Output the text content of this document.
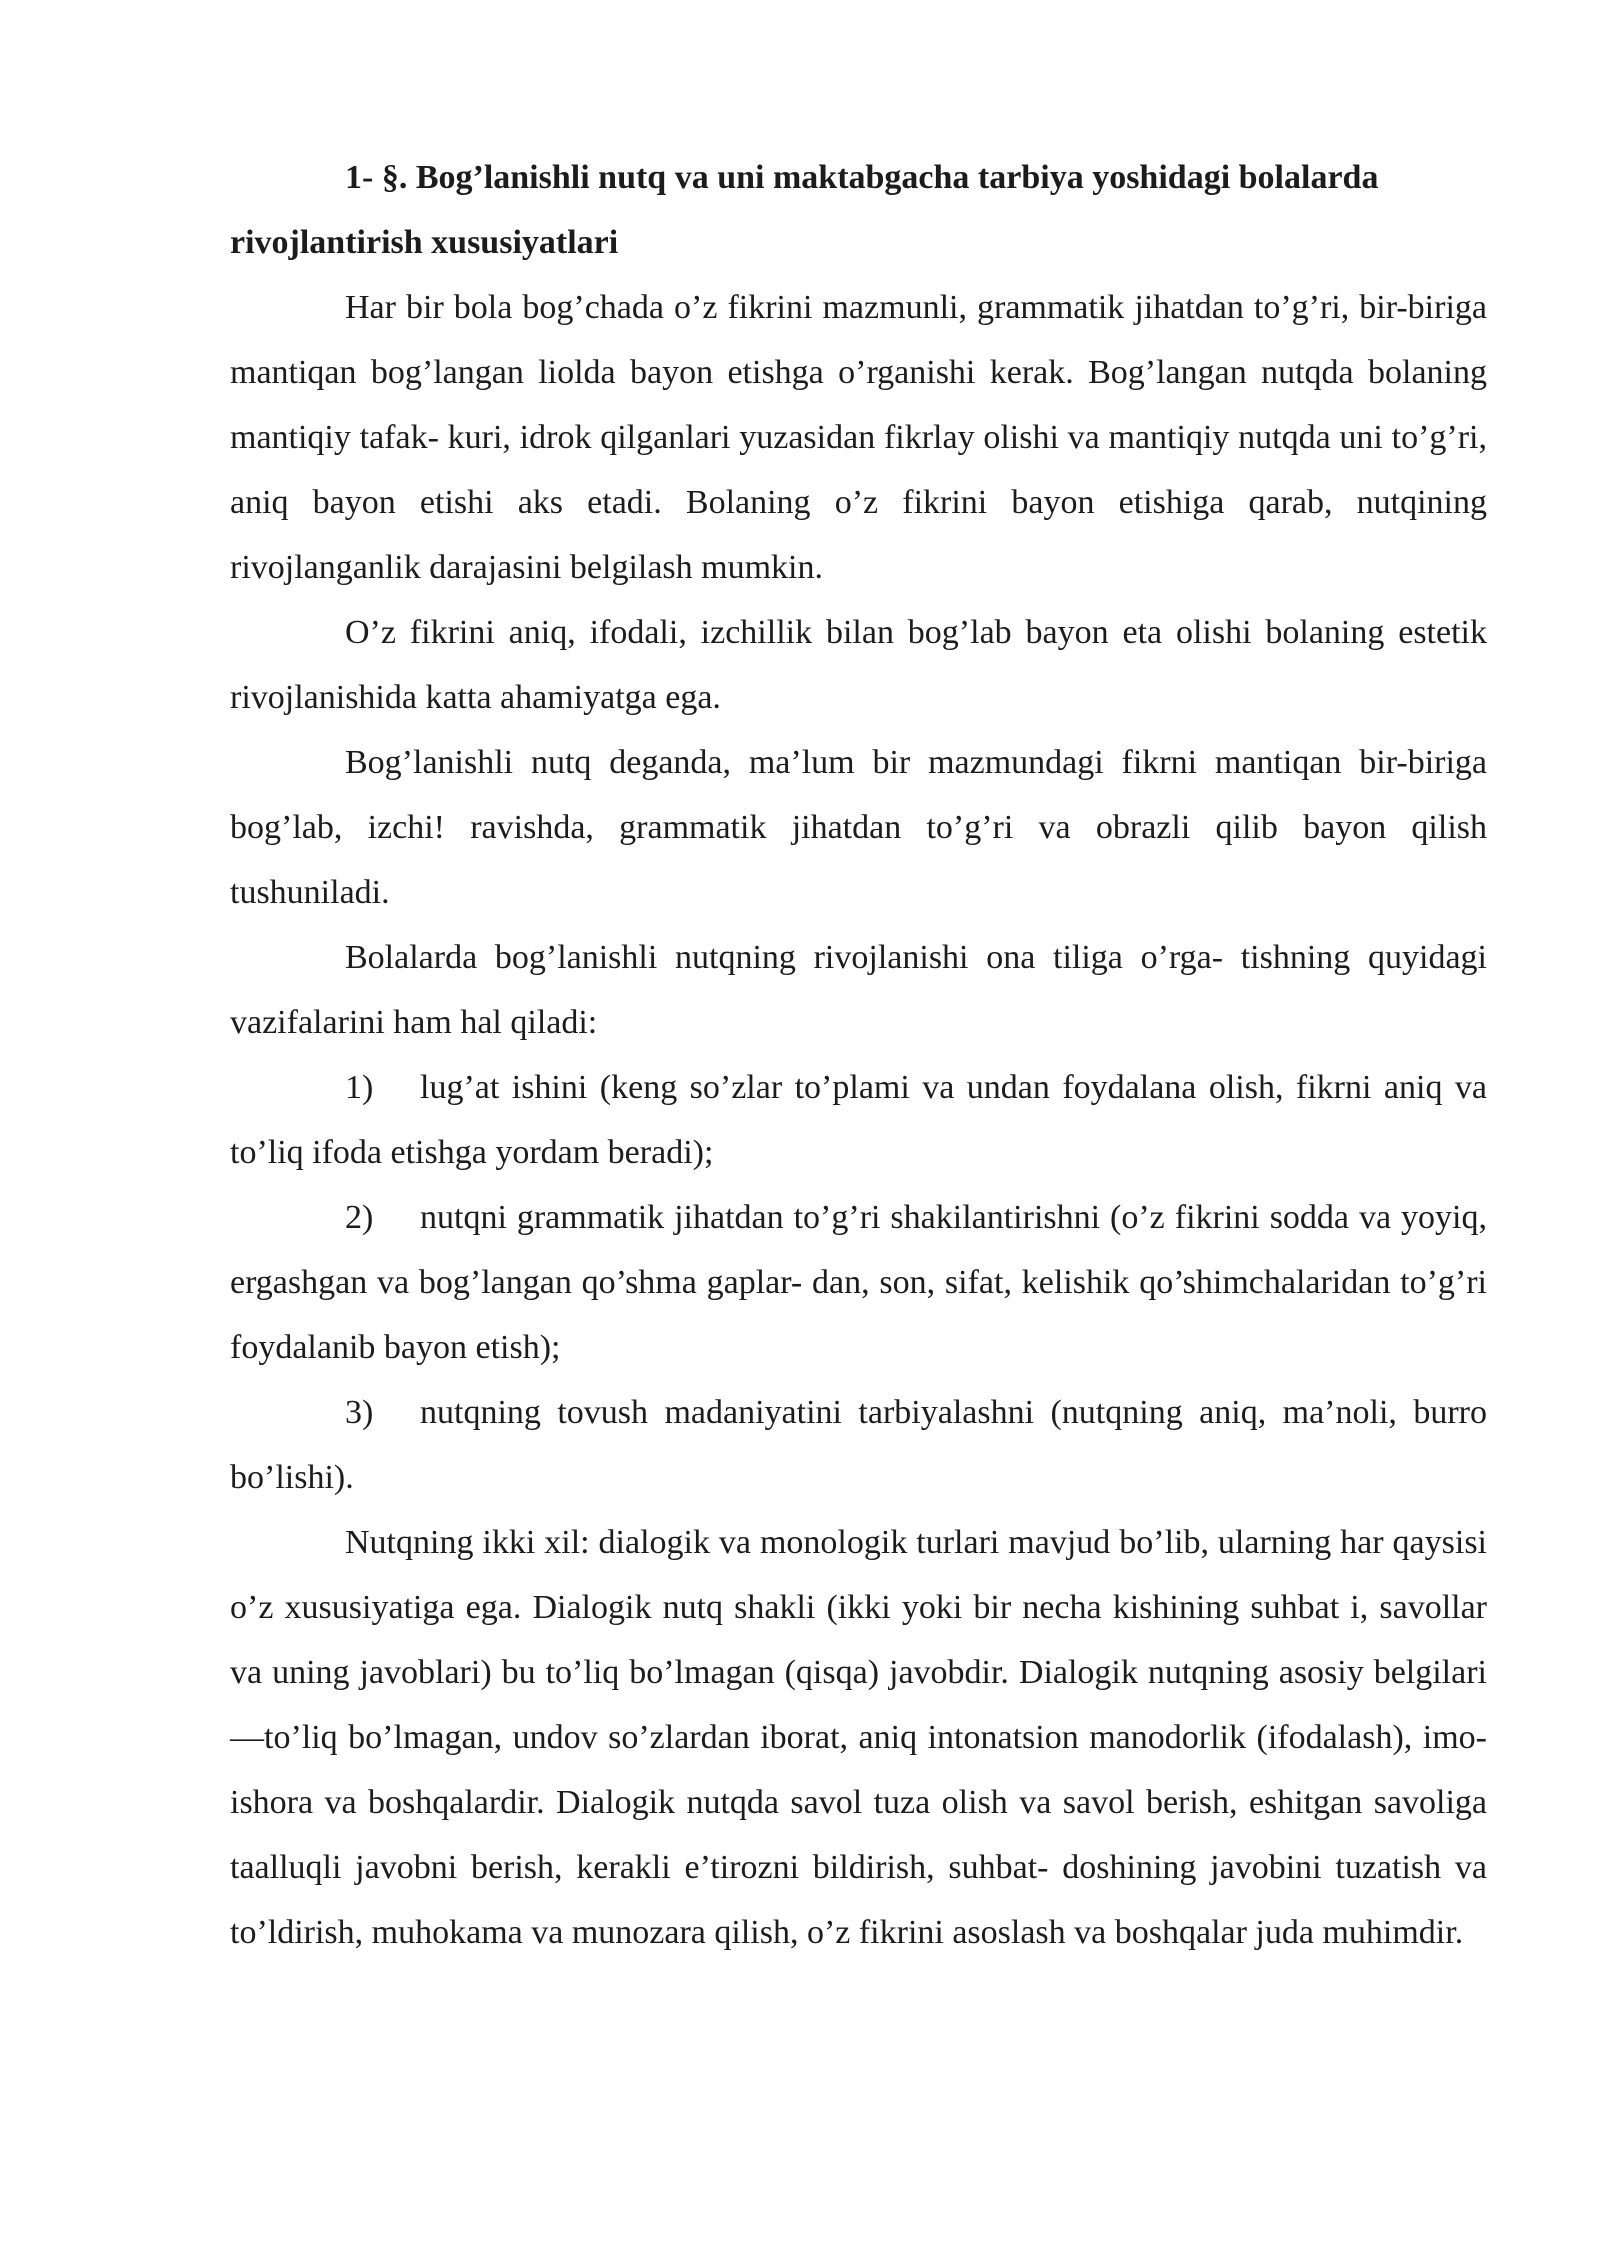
1- §. Bog’lanishli nutq va uni maktabgacha tarbiya yoshidagi bolalarda rivojlantirish xususiyatlari

Har bir bola bog’chada o’z fikrini mazmunli, grammatik jihatdan to’g’ri, bir-biriga mantiqan bog’langan liolda bayon etishga o’rganishi kerak. Bog’langan nutqda bolaning mantiqiy tafak- kuri, idrok qilganlari yuzasidan fikrlay olishi va mantiqiy nutqda uni to’g’ri, aniq bayon etishi aks etadi. Bolaning o’z fikrini bayon etishiga qarab, nutqining rivojlanganlik darajasini belgilash mumkin.

O’z fikrini aniq, ifodali, izchillik bilan bog’lab bayon eta olishi bolaning estetik rivojlanishida katta ahamiyatga ega.

Bog’lanishli nutq deganda, ma’lum bir mazmundagi fikrni mantiqan bir-biriga bog’lab, izchi! ravishda, grammatik jihatdan to’g’ri va obrazli qilib bayon qilish tushuniladi.

Bolalarda bog’lanishli nutqning rivojlanishi ona tiliga o’rga- tishning quyidagi vazifalarini ham hal qiladi:

1) lug’at ishini (keng so’zlar to’plami va undan foydalana olish, fikrni aniq va to’liq ifoda etishga yordam beradi);

2) nutqni grammatik jihatdan to’g’ri shakilantirishni (o’z fikrini sodda va yoyiq, ergashgan va bog’langan qo’shma gaplar- dan, son, sifat, kelishik qo’shimchalaridan to’g’ri foydalanib bayon etish);

3) nutqning tovush madaniyatini tarbiyalashni (nutqning aniq, ma’noli, burro bo’lishi).

Nutqning ikki xil: dialogik va monologik turlari mavjud bo’lib, ularning har qaysisi o’z xususiyatiga ega. Dialogik nutq shakli (ikki yoki bir necha kishining suhbat i, savollar va uning javoblari) bu to’liq bo’lmagan (qisqa) javobdir. Dialogik nutqning asosiy belgilari—to’liq bo’lmagan, undov so’zlardan iborat, aniq intonatsion manodorlik (ifodalash), imo-ishora va boshqalardir. Dialogik nutqda savol tuza olish va savol berish, eshitgan savoliga taalluqli javobni berish, kerakli e’tirozni bildirish, suhbat- doshining javobini tuzatish va to’ldirish, muhokama va munozara qilish, o’z fikrini asoslash va boshqalar juda muhimdir.
